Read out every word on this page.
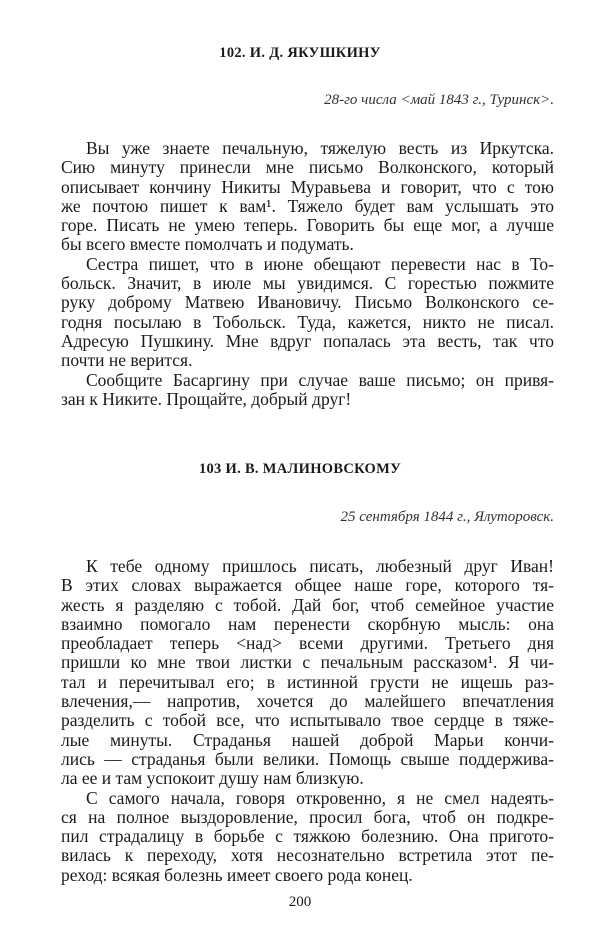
102. И. Д. ЯКУШКИНУ
28-го числа <май 1843 г., Туринск>.
Вы уже знаете печальную, тяжелую весть из Иркутска.
Сию минуту принесли мне письмо Волконского, который
описывает кончину Никиты Муравьева и говорит, что с тою
же почтою пишет к вам¹. Тяжело будет вам услышать это
горе. Писать не умею теперь. Говорить бы еще мог, а лучше
бы всего вместе помолчать и подумать.
Сестра пишет, что в июне обещают перевести нас в То-
больск. Значит, в июле мы увидимся. С горестью пожмите
руку доброму Матвею Ивановичу. Письмо Волконского се-
годня посылаю в Тобольск. Туда, кажется, никто не писал.
Адресую Пушкину. Мне вдруг попалась эта весть, так что
почти не верится.
Сообщите Басаргину при случае ваше письмо; он привя-
зан к Никите. Прощайте, добрый друг!
103 И. В. МАЛИНОВСКОМУ
25 сентября 1844 г., Ялуторовск.
К тебе одному пришлось писать, любезный друг Иван!
В этих словах выражается общее наше горе, которого тя-
жесть я разделяю с тобой. Дай бог, чтоб семейное участие
взаимно помогало нам перенести скорбную мысль: она
преобладает теперь <над> всеми другими. Третьего дня
пришли ко мне твои листки с печальным рассказом¹. Я чи-
тал и перечитывал его; в истинной грусти не ищешь раз-
влечения,— напротив, хочется до малейшего впечатления
разделить с тобой все, что испытывало твое сердце в тяже-
лые минуты. Страданья нашей доброй Марьи кончи-
лись — страданья были велики. Помощь свыше поддержива-
ла ее и там успокоит душу нам близкую.
С самого начала, говоря откровенно, я не смел надеять-
ся на полное выздоровление, просил бога, чтоб он подкре-
пил страдалицу в борьбе с тяжкою болезнию. Она пригото-
вилась к переходу, хотя несознательно встретила этот пе-
реход: всякая болезнь имеет своего рода конец.
200
